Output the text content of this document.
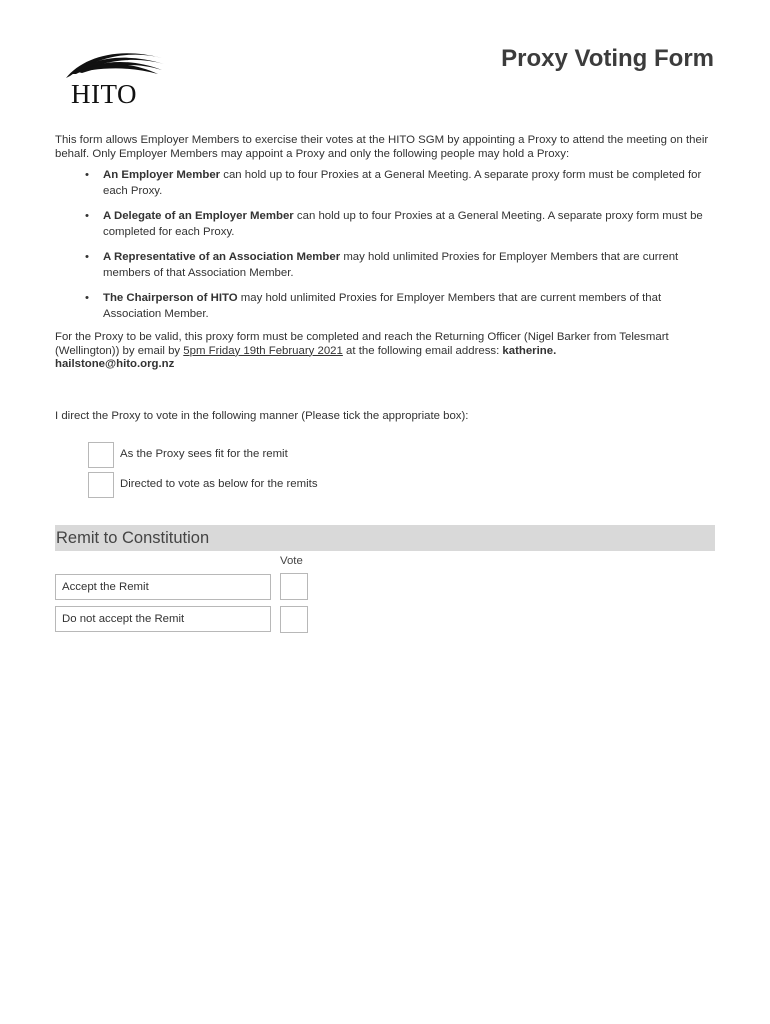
HITO
Proxy Voting Form

This form allows Employer Members to exercise their votes at the HITO SGM by appointing a Proxy to attend the meeting on their behalf. Only Employer Members may appoint a Proxy and only the following people may hold a Proxy:

• An Employer Member can hold up to four Proxies at a General Meeting. A separate proxy form must be completed for each Proxy.
• A Delegate of an Employer Member can hold up to four Proxies at a General Meeting. A separate proxy form must be completed for each Proxy.
• A Representative of an Association Member may hold unlimited Proxies for Employer Members that are current members of that Association Member.
• The Chairperson of HITO may hold unlimited Proxies for Employer Members that are current members of that Association Member.

For the Proxy to be valid, this proxy form must be completed and reach the Returning Officer (Nigel Barker from Telesmart (Wellington)) by email by 5pm Friday 19th February 2021 at the following email address: katherine.
hailstone@hito.org.nz

I direct the Proxy to vote in the following manner (Please tick the appropriate box):

As the Proxy sees fit for the remit
Directed to vote as below for the remits
Remit to Constitution
Vote
Accept the Remit
Do not accept the Remit
